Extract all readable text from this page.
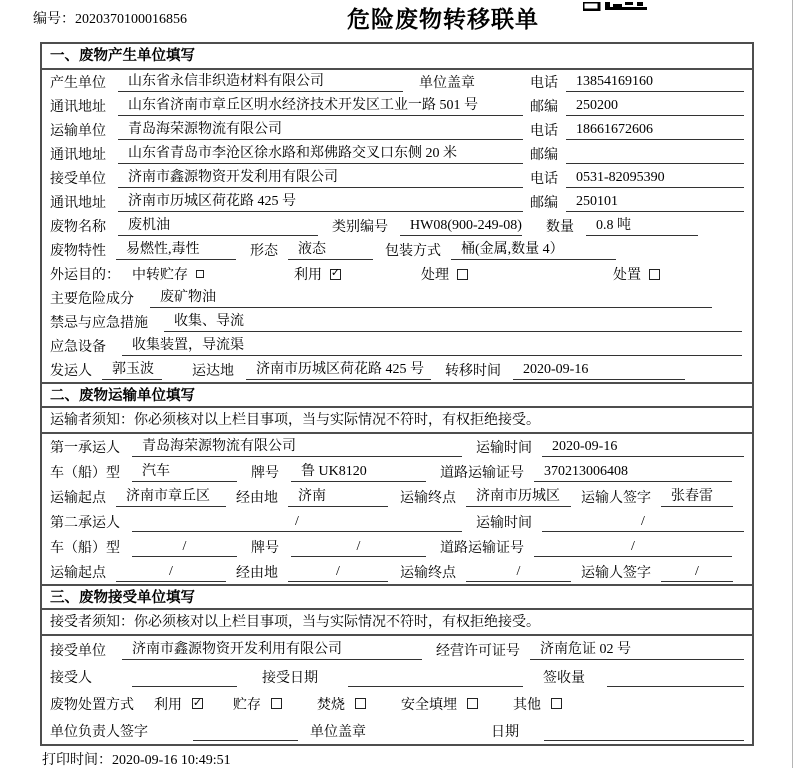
编号：2020370100016856	危险废物转移联单
一、废物产生单位填写
产生单位	山东省永信非织造材料有限公司	单位盖章	电话	13854169160
通讯地址	山东省济南市章丘区明水经济技术开发区工业一路 501 号	邮编	250200
运输单位	青岛海荣源物流有限公司	电话	18661672606
通讯地址	山东省青岛市李沧区徐水路和郑佛路交叉口东侧 20 米	邮编
接受单位	济南市鑫源物资开发利用有限公司	电话	0531-82095390
通讯地址	济南市历城区荷花路 425 号	邮编	250101
废物名称	废机油	类别编号	HW08(900-249-08) 数量	0.8 吨
废物特性	易燃性,毒性	形态	液态	包装方式	桶(金属,数量 4）
外运目的： 中转贮存	利用 ✓	处理	处置
主要危险成分	废矿物油
禁忌与应急措施	收集、导流
应急设备	收集装置，导流渠
发运人	郭玉波	运达地	济南市历城区荷花路 425 号	转移时间	2020-09-16
二、废物运输单位填写
运输者须知：你必须核对以上栏目事项，当与实际情况不符时，有权拒绝接受。
第一承运人	青岛海荣源物流有限公司	运输时间	2020-09-16
车（船）型	汽车	牌号	鲁 UK8120	道路运输证号	370213006408
运输起点	济南市章丘区	经由地	济南	运输终点	济南市历城区	运输人签字	张春雷
第二承运人	/	运输时间	/
车（船）型	/	牌号	/	道路运输证号	/
运输起点	/	经由地	/	运输终点	/	运输人签字	/
三、废物接受单位填写
接受者须知：你必须核对以上栏目事项，当与实际情况不符时，有权拒绝接受。
接受单位	济南市鑫源物资开发利用有限公司	经营许可证号	济南危证 02 号
接受人	接受日期	签收量
废物处置方式 利用 ✓	贮存	焚烧	安全填埋	其他
单位负责人签字	单位盖章	日期
打印时间：2020-09-16 10:49:51
